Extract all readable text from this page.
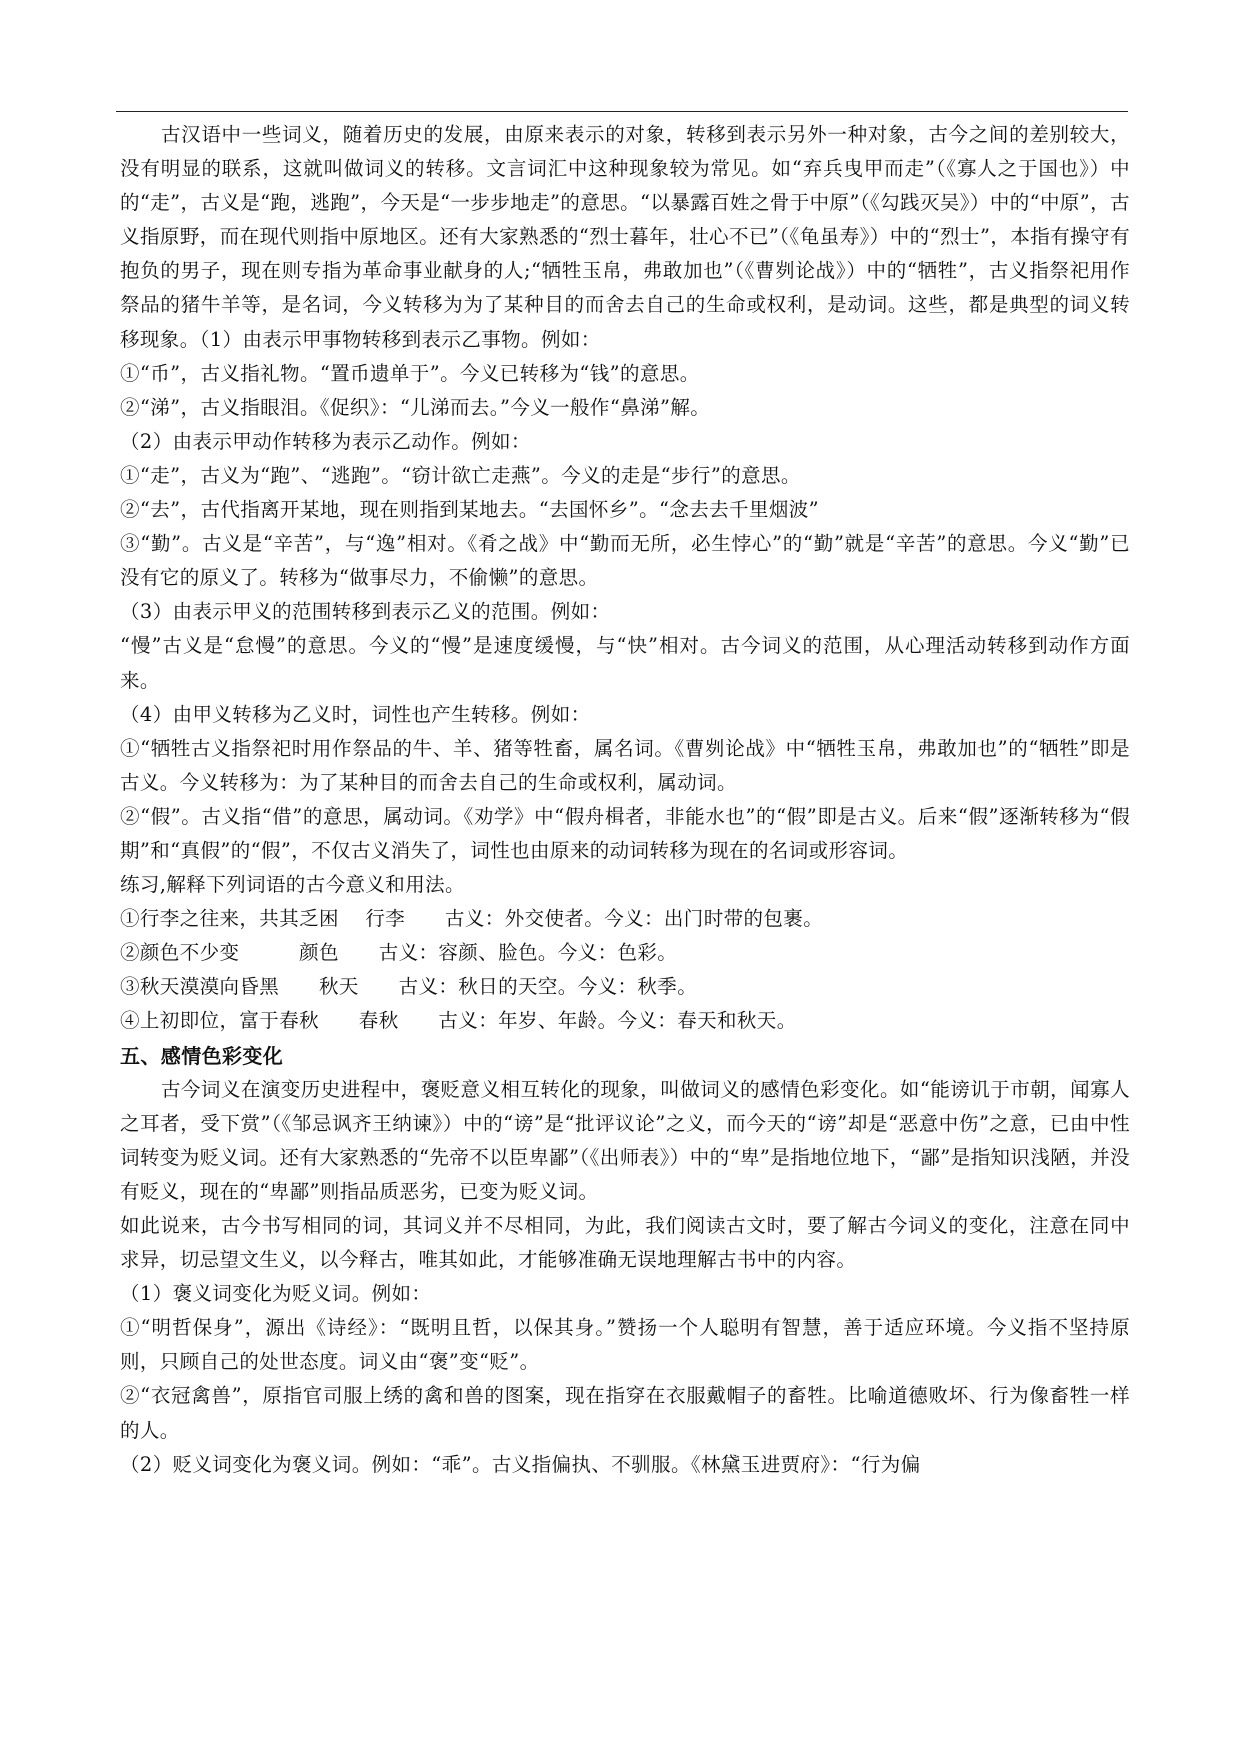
古汉语中一些词义，随着历史的发展，由原来表示的对象，转移到表示另外一种对象，古今之间的差别较大，没有明显的联系，这就叫做词义的转移。文言词汇中这种现象较为常见。如“弃兵曳甲而走”（《寡人之于国也》）中的“走”，古义是“跑，逃跑”，今天是“一步步地走”的意思。“以暴露百姓之骨于中原”（《勾践灭吴》）中的“中原”，古义指原野，而在现代则指中原地区。还有大家熟悉的“烈士暮年，壮心不已”（《龟虽寿》）中的“烈士”，本指有操守有抱负的男子，现在则专指为革命事业献身的人;“牺牲玉帛，弗敢加也”（《曹刿论战》）中的“牺牲”，古义指祭祀用作祭品的猪牛羊等，是名词，今义转移为为了某种目的而舍去自己的生命或权利，是动词。这些，都是典型的词义转移现象。（1）由表示甲事物转移到表示乙事物。例如：

①“币”，古义指礼物。“置币遗单于”。今义已转移为“钱”的意思。

②“涕”，古义指眼泪。《促织》：“儿涕而去。”今义一般作“鼻涕”解。

（2）由表示甲动作转移为表示乙动作。例如：

①“走”，古义为“跑”、“逃跑”。“窃计欲亡走燕”。今义的走是“步行”的意思。

②“去”，古代指离开某地，现在则指到某地去。“去国怀乡”。“念去去千里烟波”

③“勤”。古义是“辛苦”，与“逸”相对。《肴之战》中“勤而无所，必生悖心”的“勤”就是“辛苦”的意思。今义“勤”已没有它的原义了。转移为“做事尽力，不偷懒”的意思。

（3）由表示甲义的范围转移到表示乙义的范围。例如：

“慢”古义是“怠慢”的意思。今义的“慢”是速度缓慢，与“快”相对。古今词义的范围，从心理活动转移到动作方面来。

（4）由甲义转移为乙义时，词性也产生转移。例如：

①“牺牲古义指祭祀时用作祭品的牛、羊、猪等牲畜，属名词。《曹刿论战》中“牺牲玉帛，弗敢加也”的“牺牲”即是古义。今义转移为：为了某种目的而舍去自己的生命或权利，属动词。

②“假”。古义指“借”的意思，属动词。《劝学》中“假舟楫者，非能水也”的“假”即是古义。后来“假”逐渐转移为“假期”和“真假”的“假”，不仅古义消失了，词性也由原来的动词转移为现在的名词或形容词。

练习,解释下列词语的古今意义和用法。

①行李之往来，共其乏困　 行李　　古义：外交使者。今义：出门时带的包裹。

②颜色不少变　　　颜色　　古义：容颜、脸色。今义：色彩。

③秋天漠漠向昏黑　　秋天　　古义：秋日的天空。今义：秋季。

④上初即位，富于春秋　　春秋　　古义：年岁、年龄。今义：春天和秋天。

五、感情色彩变化

古今词义在演变历史进程中，褒贬意义相互转化的现象，叫做词义的感情色彩变化。如“能谤讥于市朝，闻寡人之耳者，受下赏”（《邹忌讽齐王纳谏》）中的“谤”是“批评议论”之义，而今天的“谤”却是“恶意中伤”之意，已由中性词转变为贬义词。还有大家熟悉的“先帝不以臣卑鄙”（《出师表》）中的“卑”是指地位地下，“鄙”是指知识浅陋，并没有贬义，现在的“卑鄙”则指品质恶劣，已变为贬义词。

如此说来，古今书写相同的词，其词义并不尽相同，为此，我们阅读古文时，要了解古今词义的变化，注意在同中求异，切忌望文生义，以今释古，唯其如此，才能够准确无误地理解古书中的内容。

（1）褒义词变化为贬义词。例如：

①“明哲保身”，源出《诗经》：“既明且哲，以保其身。”赞扬一个人聪明有智慧，善于适应环境。今义指不坚持原则，只顾自己的处世态度。词义由“褒”变“贬”。

②“衣冠禽兽”，原指官司服上绣的禽和兽的图案，现在指穿在衣服戴帽子的畜牲。比喻道德败坏、行为像畜牲一样的人。

（2）贬义词变化为褒义词。例如：“乖”。古义指偏执、不驯服。《林黛玉进贾府》：“行为偏
